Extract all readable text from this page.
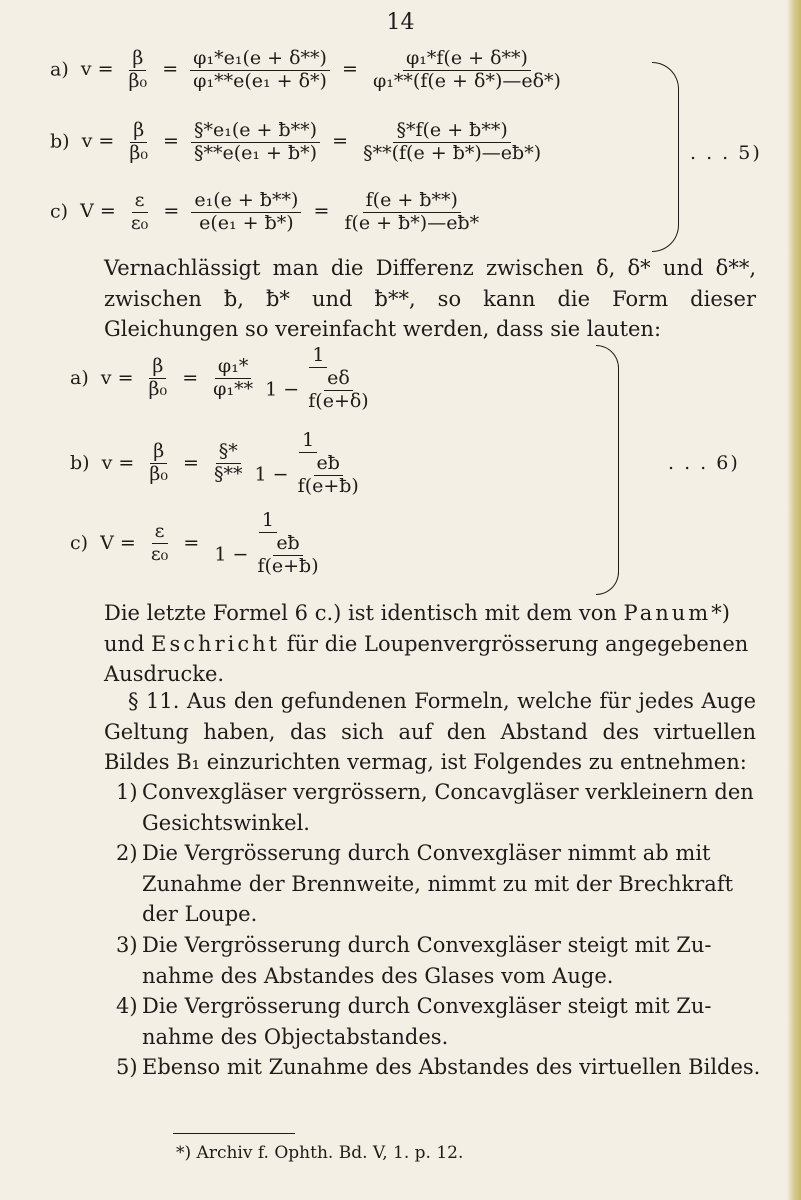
14
a) $v = \frac{\beta}{\text{β₀}} = \frac{\text{φ₁*e₁(e + δ**)}}{\text{φ₁**e(e₁ + δ*)}} = \frac{\text{φ₁*f(e + δ**)}}{\text{φ₁**(f(e + δ*)—eδ*)}}$
b) $v = \frac{\beta}{\text{β₀}} = \frac{\text{§*e₁(e + ƀ**)}}{\text{§**e(e₁ + ƀ*)}} = \frac{\S*f(e + ƀ**)}{\S**(f(e + ƀ*)—eƀ*)}$
c) $V = \frac{\varepsilon}{\text{ε₀}} = \frac{\text{e₁(e + ƀ**)}}{\text{e(e₁ + ƀ*)}} = \frac{f(e + ƀ**)}{f(e + ƀ*)—eƀ*}$
. . . 5)
Vernachlässigt man die Differenz zwischen δ, δ* und δ**, zwischen ƀ, ƀ* und ƀ**, so kann die Form dieser Gleichungen so vereinfacht werden, dass sie lauten:
a) $v = \frac{\beta}{\text{β₀}} = \frac{\text{φ₁*}}{\text{φ₁**}}$
$\frac{1}{1 - \frac{e\delta}{f(e+\delta)}}$
b) $v = \frac{\beta}{\text{β₀}} = \frac{\S*}{\S**}$
$\frac{1}{1 - \frac{eƀ}{f(e+ƀ)}}$
c) $V = \frac{\varepsilon}{\text{ε₀}} = \frac{1}{1 - \frac{eƀ}{f(e+ƀ)}}$
. . . 6)
Die letzte Formel 6 c.) ist identisch mit dem von Panum*)
und Eschricht für die Loupenvergrösserung angegebenen
Ausdrucke.
§ 11. Aus den gefundenen Formeln, welche für jedes Auge Geltung haben, das sich auf den Abstand des virtuellen Bildes B₁ einzurichten vermag, ist Folgendes zu entnehmen:
1) Convexgläser vergrössern, Concavgläser verkleinern den
Gesichtswinkel.
2) Die Vergrösserung durch Convexgläser nimmt ab mit
Zunahme der Brennweite, nimmt zu mit der Brechkraft
der Loupe.
3) Die Vergrösserung durch Convexgläser steigt mit Zu-
nahme des Abstandes des Glases vom Auge.
4) Die Vergrösserung durch Convexgläser steigt mit Zu-
nahme des Objectabstandes.
5) Ebenso mit Zunahme des Abstandes des virtuellen Bildes.
*) Archiv f. Ophth. Bd. V, 1. p. 12.
